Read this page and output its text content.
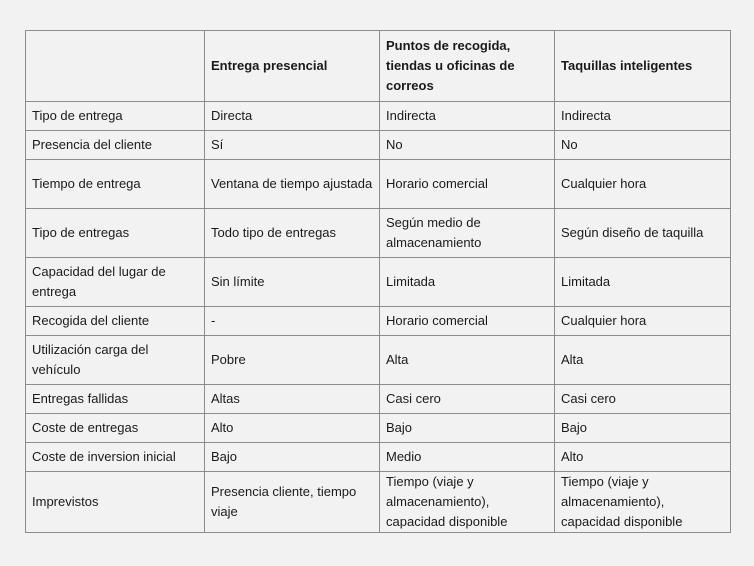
	Entrega presencial	Puntos de recogida, tiendas u oficinas de correos	Taquillas inteligentes
Tipo de entrega	Directa	Indirecta	Indirecta
Presencia del cliente	Sí	No	No
Tiempo de entrega	Ventana de tiempo ajustada	Horario comercial	Cualquier hora
Tipo de entregas	Todo tipo de entregas	Según medio de almacenamiento	Según diseño de taquilla
Capacidad del lugar de entrega	Sin límite	Limitada	Limitada
Recogida del cliente	-	Horario comercial	Cualquier hora
Utilización carga del vehículo	Pobre	Alta	Alta
Entregas fallidas	Altas	Casi cero	Casi cero
Coste de entregas	Alto	Bajo	Bajo
Coste de inversion inicial	Bajo	Medio	Alto
Imprevistos	Presencia cliente, tiempo viaje	Tiempo (viaje y almacenamiento), capacidad disponible	Tiempo (viaje y almacenamiento), capacidad disponible
